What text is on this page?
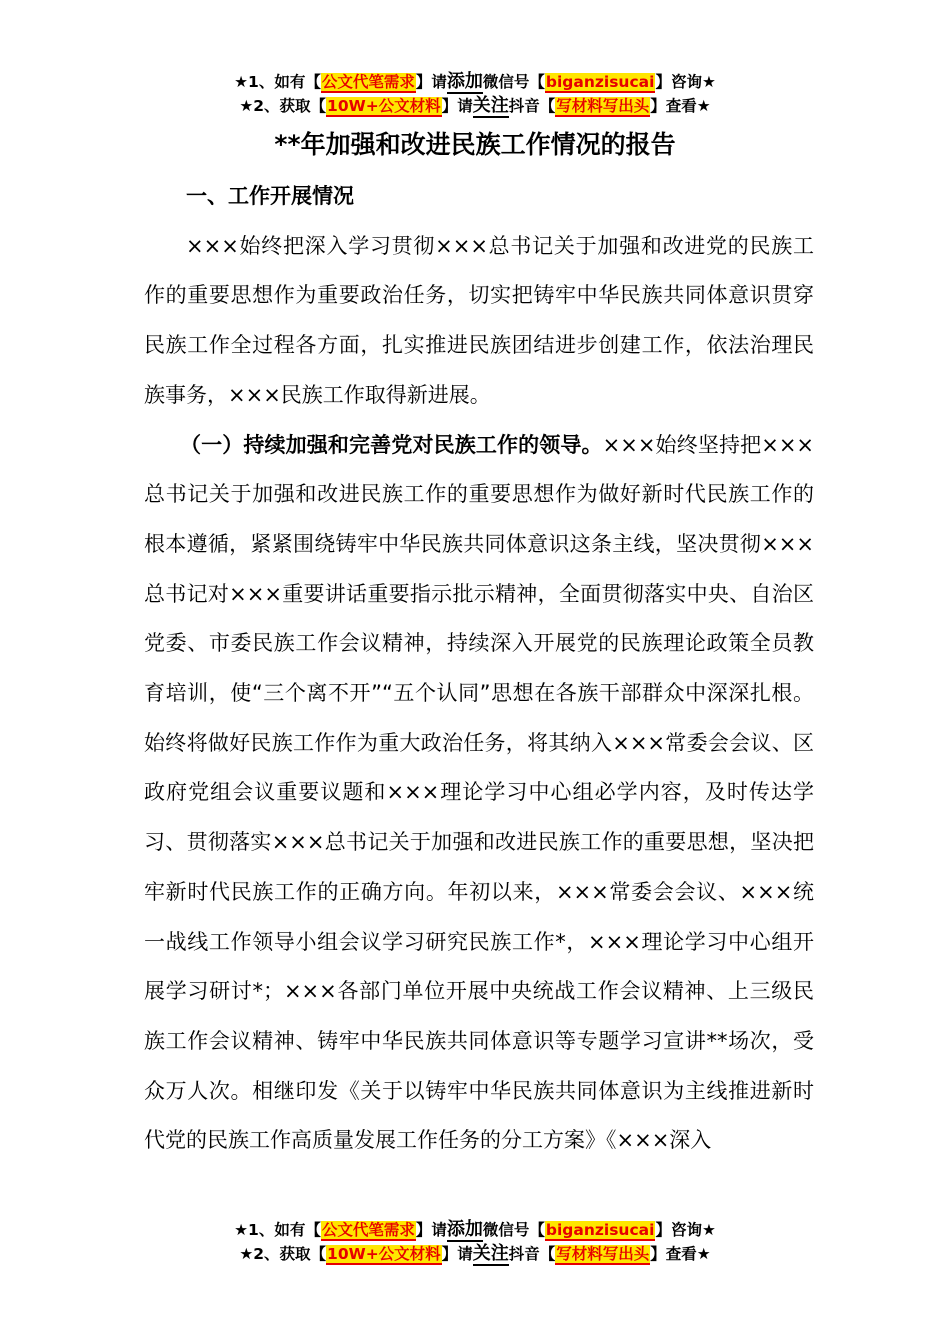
★1、如有【公文代笔需求】请添加微信号【biganzisucai】咨询★
★2、获取【10W+公文材料】请关注抖音【写材料写出头】查看★
**年加强和改进民族工作情况的报告

一、工作开展情况

×××始终把深入学习贯彻×××总书记关于加强和改进党的民族工作的重要思想作为重要政治任务，切实把铸牢中华民族共同体意识贯穿民族工作全过程各方面，扎实推进民族团结进步创建工作，依法治理民族事务，×××民族工作取得新进展。

（一）持续加强和完善党对民族工作的领导。×××始终坚持把×××总书记关于加强和改进民族工作的重要思想作为做好新时代民族工作的根本遵循，紧紧围绕铸牢中华民族共同体意识这条主线，坚决贯彻×××总书记对×××重要讲话重要指示批示精神，全面贯彻落实中央、自治区党委、市委民族工作会议精神，持续深入开展党的民族理论政策全员教育培训，使“三个离不开”“五个认同”思想在各族干部群众中深深扎根。始终将做好民族工作作为重大政治任务，将其纳入×××常委会会议、区政府党组会议重要议题和×××理论学习中心组必学内容，及时传达学习、贯彻落实×××总书记关于加强和改进民族工作的重要思想，坚决把牢新时代民族工作的正确方向。年初以来，×××常委会会议、×××统一战线工作领导小组会议学习研究民族工作*，×××理论学习中心组开展学习研讨*；×××各部门单位开展中央统战工作会议精神、上三级民族工作会议精神、铸牢中华民族共同体意识等专题学习宣讲**场次，受众万人次。相继印发《关于以铸牢中华民族共同体意识为主线推进新时代党的民族工作高质量发展工作任务的分工方案》《×××深入

★1、如有【公文代笔需求】请添加微信号【biganzisucai】咨询★
★2、获取【10W+公文材料】请关注抖音【写材料写出头】查看★
